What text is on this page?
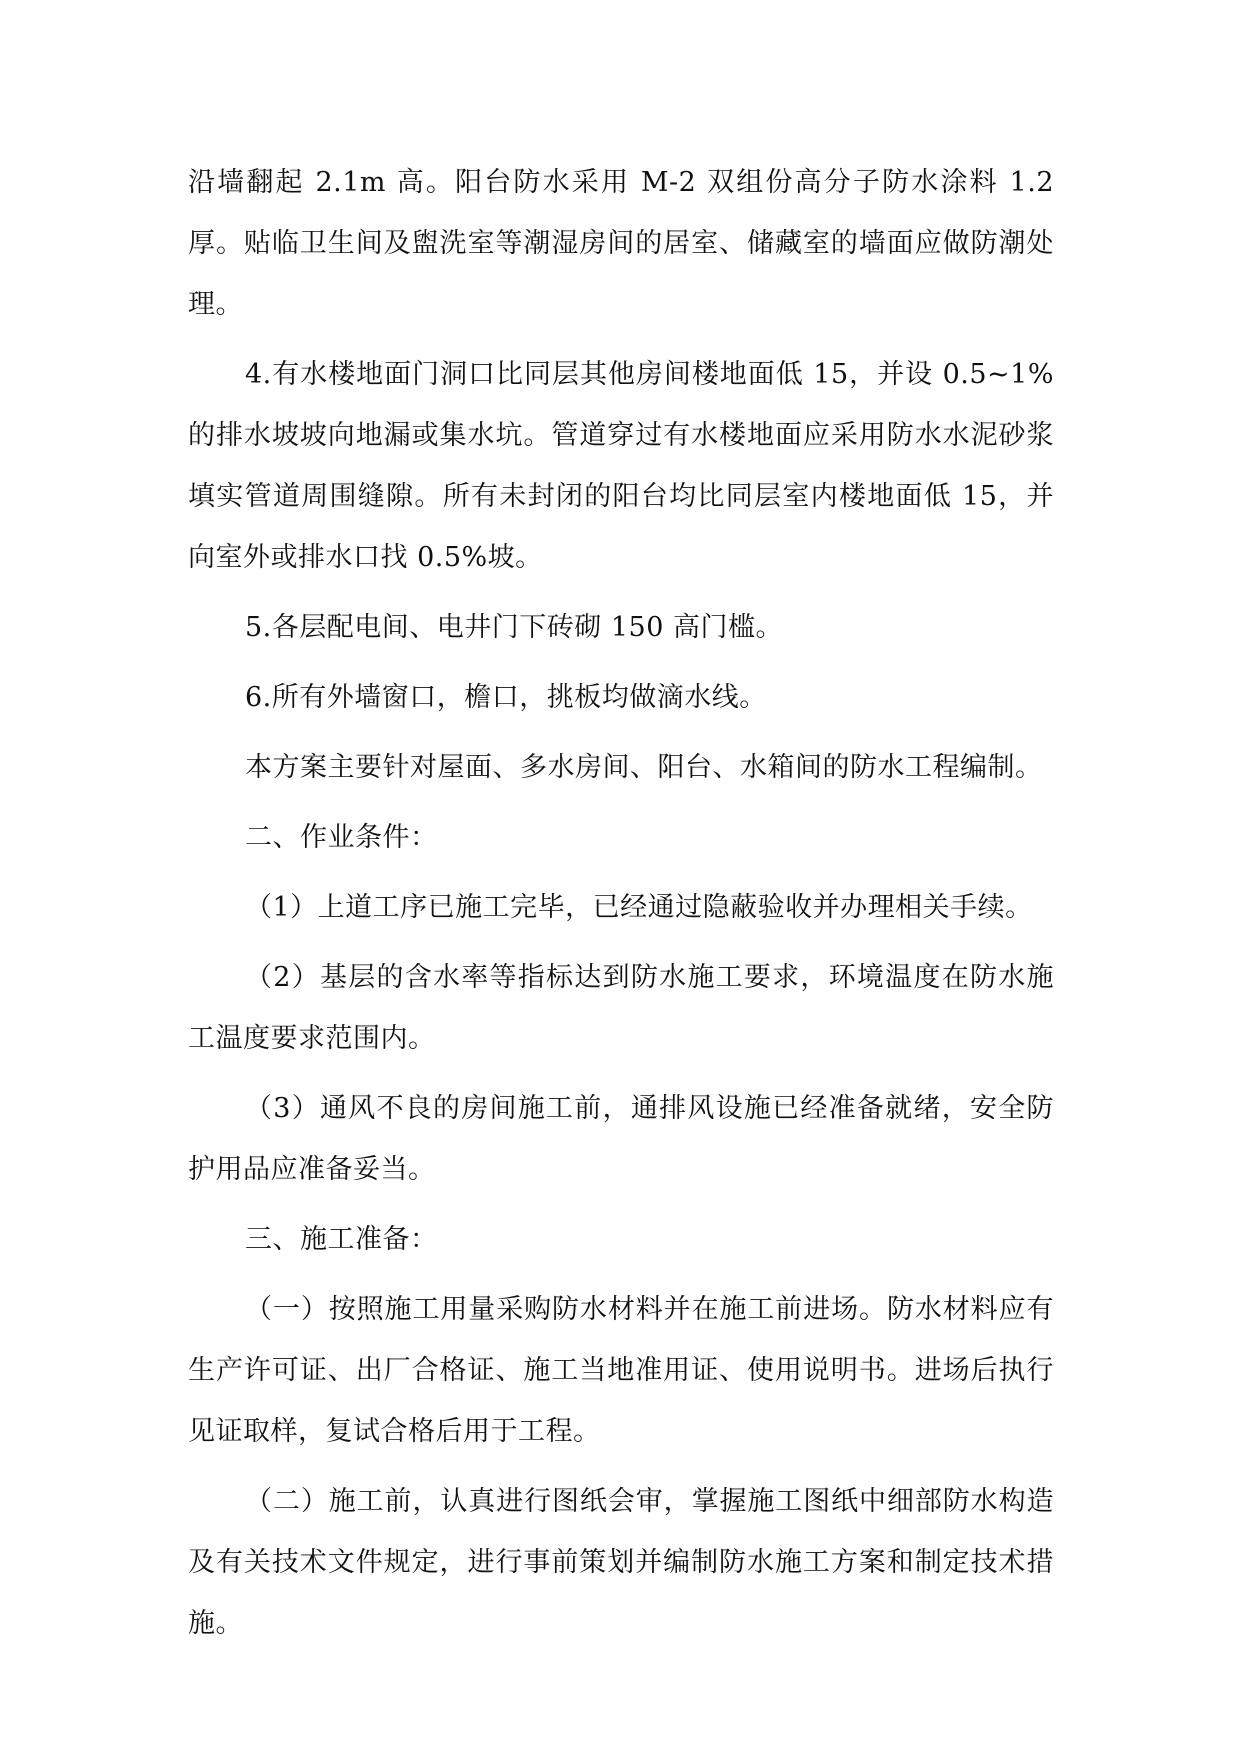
沿墙翻起 2.1m 高。阳台防水采用 M-2 双组份高分子防水涂料 1.2 厚。贴临卫生间及盥洗室等潮湿房间的居室、储藏室的墙面应做防潮处理。

4.有水楼地面门洞口比同层其他房间楼地面低 15，并设 0.5~1%的排水坡坡向地漏或集水坑。管道穿过有水楼地面应采用防水水泥砂浆填实管道周围缝隙。所有未封闭的阳台均比同层室内楼地面低 15，并向室外或排水口找 0.5%坡。

5.各层配电间、电井门下砖砌 150 高门槛。

6.所有外墙窗口，檐口，挑板均做滴水线。

本方案主要针对屋面、多水房间、阳台、水箱间的防水工程编制。

二、作业条件：

（1）上道工序已施工完毕，已经通过隐蔽验收并办理相关手续。

（2）基层的含水率等指标达到防水施工要求，环境温度在防水施工温度要求范围内。

（3）通风不良的房间施工前，通排风设施已经准备就绪，安全防护用品应准备妥当。

三、施工准备：

（一）按照施工用量采购防水材料并在施工前进场。防水材料应有生产许可证、出厂合格证、施工当地准用证、使用说明书。进场后执行见证取样，复试合格后用于工程。

（二）施工前，认真进行图纸会审，掌握施工图纸中细部防水构造及有关技术文件规定，进行事前策划并编制防水施工方案和制定技术措施。
